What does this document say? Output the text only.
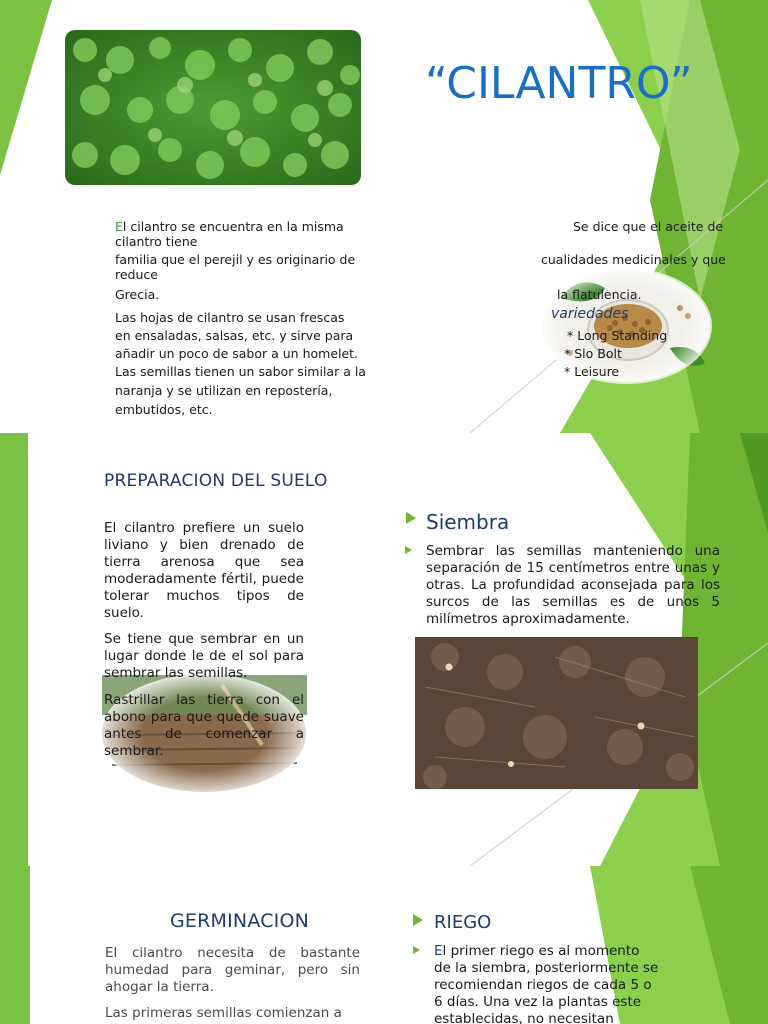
“CILANTRO”
El cilantro se encuentra en la misma
cilantro tiene
familia que el perejil y es originario de
reduce
Grecia.
Las hojas de cilantro se usan frescas
en ensaladas, salsas, etc. y sirve para
añadir un poco de sabor a un homelet.
Las semillas tienen un sabor similar a la
naranja y se utilizan en repostería,
embutidos, etc.
Se dice que el aceite de
cualidades medicinales y que
la flatulencia.
variedades
* Long Standing
* Slo Bolt
* Leisure
PREPARACION DEL SUELO
El cilantro prefiere un suelo liviano y bien drenado de tierra arenosa que sea moderadamente fértil, puede tolerar muchos tipos de suelo.
Se tiene que sembrar en un lugar donde le de el sol para sembrar las semillas.
Rastrillar las tierra con el abono para que quede suave antes de comenzar a sembrar.
Siembra
Sembrar las semillas manteniendo una separación de 15 centímetros entre unas y otras. La profundidad aconsejada para los surcos de las semillas es de unos 5 milímetros aproximadamente.
GERMINACION
El cilantro necesita de bastante humedad para geminar, pero sin ahogar la tierra.
Las primeras semillas comienzan a
RIEGO
El primer riego es al momento
de la siembra, posteriormente se
recomiendan riegos de cada 5 o
6 días. Una vez la plantas este
establecidas, no necesitan
